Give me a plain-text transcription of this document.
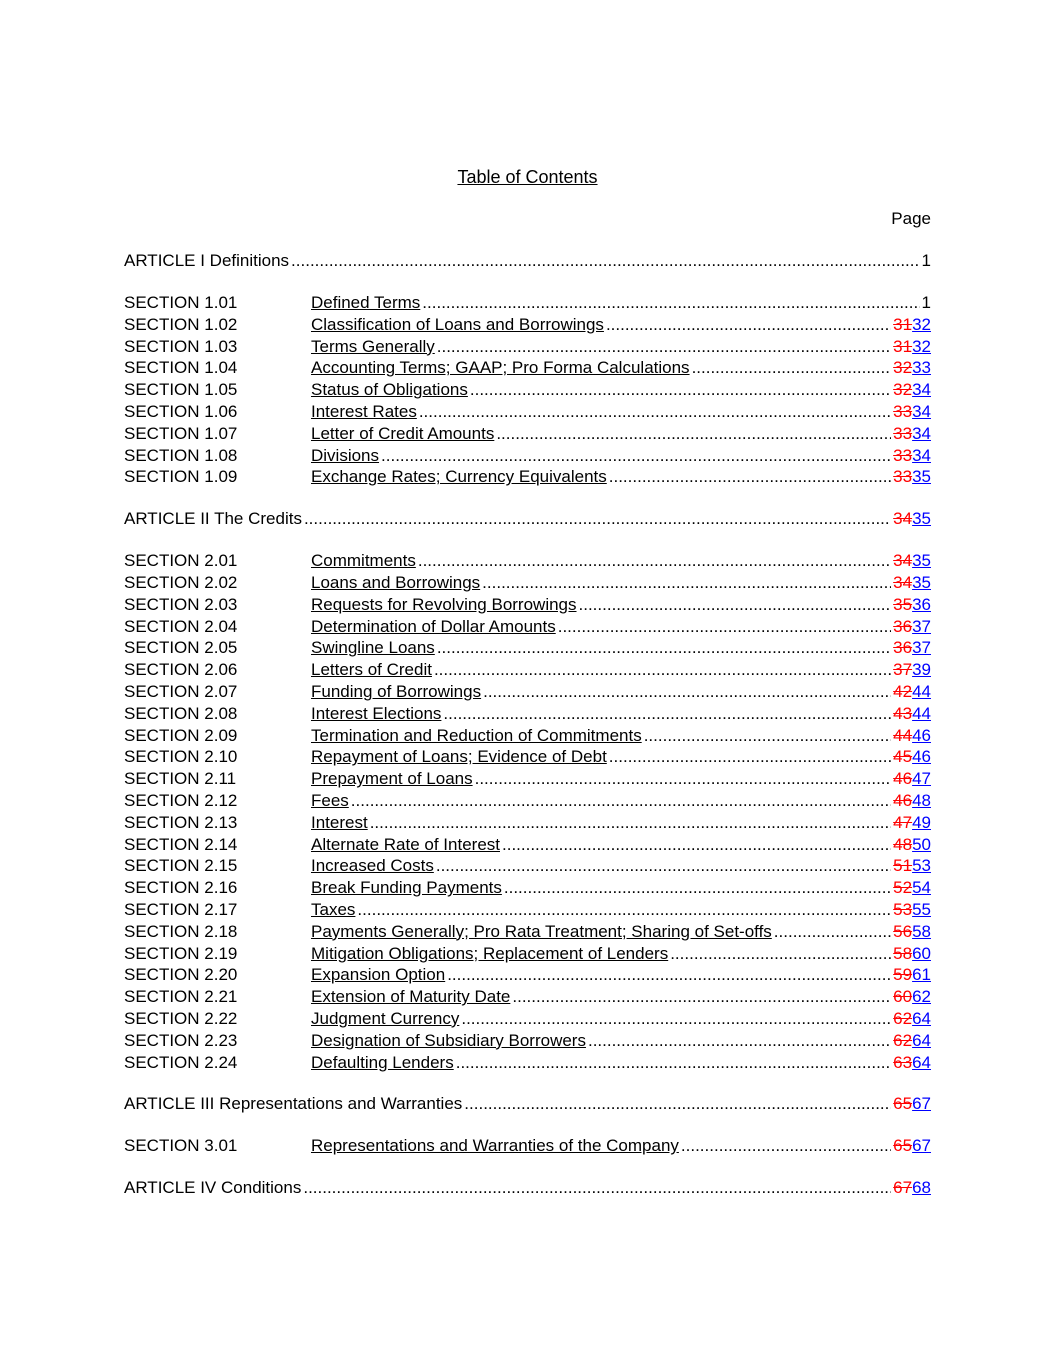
Table of Contents
Page
ARTICLE I Definitions .....	1
SECTION 1.01	Defined Terms .....	1
SECTION 1.02	Classification of Loans and Borrowings .....	3132
SECTION 1.03	Terms Generally .....	3132
SECTION 1.04	Accounting Terms; GAAP; Pro Forma Calculations .....	3233
SECTION 1.05	Status of Obligations .....	3234
SECTION 1.06	Interest Rates .....	3334
SECTION 1.07	Letter of Credit Amounts .....	3334
SECTION 1.08	Divisions .....	3334
SECTION 1.09	Exchange Rates; Currency Equivalents .....	3335
ARTICLE II The Credits .....	3435
SECTION 2.01	Commitments .....	3435
SECTION 2.02	Loans and Borrowings .....	3435
SECTION 2.03	Requests for Revolving Borrowings .....	3536
SECTION 2.04	Determination of Dollar Amounts .....	3637
SECTION 2.05	Swingline Loans .....	3637
SECTION 2.06	Letters of Credit .....	3739
SECTION 2.07	Funding of Borrowings .....	4244
SECTION 2.08	Interest Elections .....	4344
SECTION 2.09	Termination and Reduction of Commitments .....	4446
SECTION 2.10	Repayment of Loans; Evidence of Debt .....	4546
SECTION 2.11	Prepayment of Loans .....	4647
SECTION 2.12	Fees .....	4648
SECTION 2.13	Interest .....	4749
SECTION 2.14	Alternate Rate of Interest .....	4850
SECTION 2.15	Increased Costs .....	5153
SECTION 2.16	Break Funding Payments .....	5254
SECTION 2.17	Taxes .....	5355
SECTION 2.18	Payments Generally; Pro Rata Treatment; Sharing of Set-offs .....	5658
SECTION 2.19	Mitigation Obligations; Replacement of Lenders .....	5860
SECTION 2.20	Expansion Option .....	5961
SECTION 2.21	Extension of Maturity Date .....	6062
SECTION 2.22	Judgment Currency .....	6264
SECTION 2.23	Designation of Subsidiary Borrowers .....	6264
SECTION 2.24	Defaulting Lenders .....	6364
ARTICLE III Representations and Warranties .....	6567
SECTION 3.01	Representations and Warranties of the Company .....	6567
ARTICLE IV Conditions .....	6768
